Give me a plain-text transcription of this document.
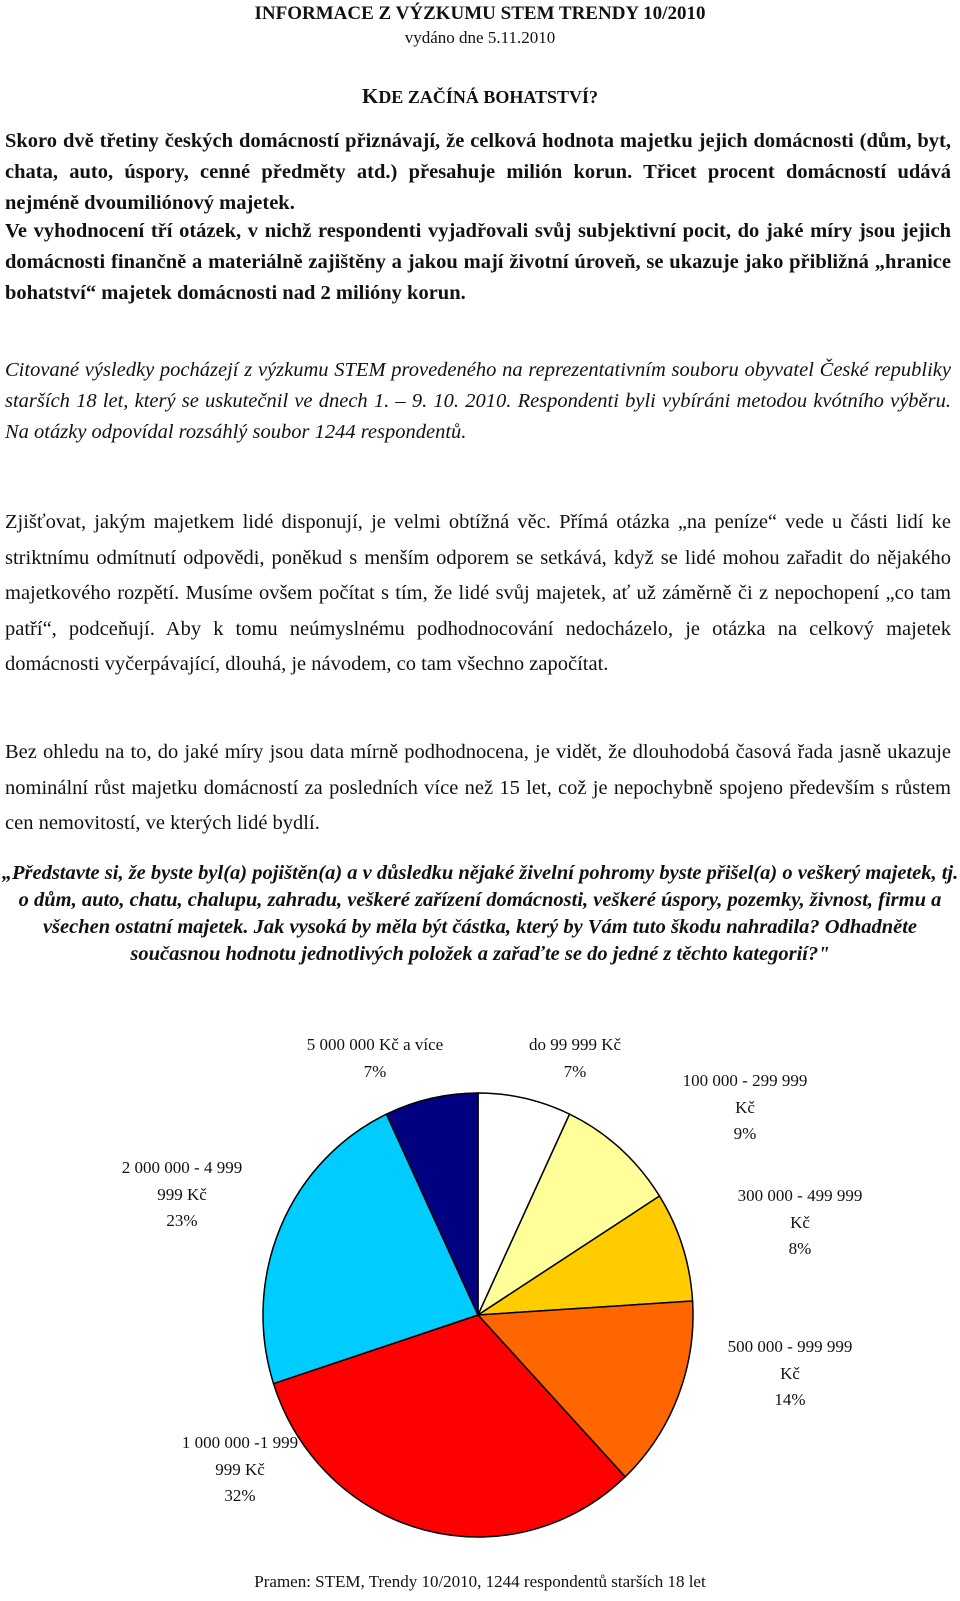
INFORMACE Z VÝZKUMU STEM TRENDY 10/2010
vydáno dne 5.11.2010
KDE ZAČÍNÁ BOHATSTVÍ?

Skoro dvě třetiny českých domácností přiznávají, že celková hodnota majetku jejich domácnosti (dům, byt, chata, auto, úspory, cenné předměty atd.) přesahuje milión korun. Třicet procent domácností udává nejméně dvoumiliónový majetek.

Ve vyhodnocení tří otázek, v nichž respondenti vyjadřovali svůj subjektivní pocit, do jaké míry jsou jejich domácnosti finančně a materiálně zajištěny a jakou mají životní úroveň, se ukazuje jako přibližná „hranice bohatství“ majetek domácnosti nad 2 milióny korun.

Citované výsledky pocházejí z výzkumu STEM provedeného na reprezentativním souboru obyvatel České republiky starších 18 let, který se uskutečnil ve dnech 1. – 9. 10. 2010. Respondenti byli vybíráni metodou kvótního výběru. Na otázky odpovídal rozsáhlý soubor 1244 respondentů.

Zjišťovat, jakým majetkem lidé disponují, je velmi obtížná věc. Přímá otázka „na peníze“ vede u části lidí ke striktnímu odmítnutí odpovědi, poněkud s menším odporem se setkává, když se lidé mohou zařadit do nějakého majetkového rozpětí. Musíme ovšem počítat s tím, že lidé svůj majetek, ať už záměrně či z nepochopení „co tam patří“, podceňují. Aby k tomu neúmyslnému podhodnocování nedocházelo, je otázka na celkový majetek domácnosti vyčerpávající, dlouhá, je návodem, co tam všechno započítat.

Bez ohledu na to, do jaké míry jsou data mírně podhodnocena, je vidět, že dlouhodobá časová řada jasně ukazuje nominální růst majetku domácností za posledních více než 15 let, což je nepochybně spojeno především s růstem cen nemovitostí, ve kterých lidé bydlí.

„Představte si, že byste byl(a) pojištěn(a) a v důsledku nějaké živelní pohromy byste přišel(a) o veškerý majetek, tj. o dům, auto, chatu, chalupu, zahradu, veškeré zařízení domácnosti, veškeré úspory, pozemky, živnost, firmu a všechen ostatní majetek. Jak vysoká by měla být částka, který by Vám tuto škodu nahradila? Odhadněte současnou hodnotu jednotlivých položek a zařaďte se do jedné z těchto kategorií?"

do 99 999 Kč
7%	100 000 - 299 999
Kč
9%
300 000 - 499 999
Kč
8%
500 000 - 999 999
Kč
14%
1 000 000 -1 999
999 Kč
32%
2 000 000 - 4 999
999 Kč
23%
5 000 000 Kč a více
7%
Pramen: STEM, Trendy 10/2010, 1244 respondentů starších 18 let
